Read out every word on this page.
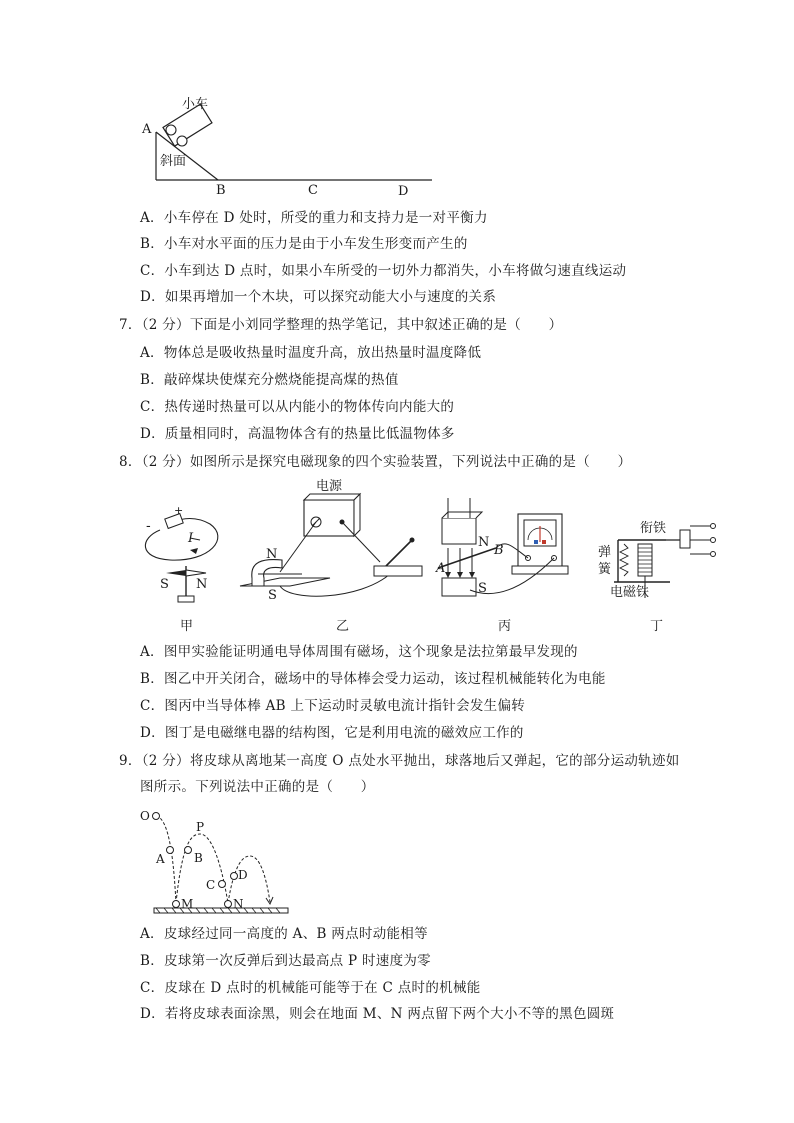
小车
A
斜面
B	C	D
A．小车停在 D 处时，所受的重力和支持力是一对平衡力
B．小车对水平面的压力是由于小车发生形变而产生的
C．小车到达 D 点时，如果小车所受的一切外力都消失，小车将做匀速直线运动
D．如果再增加一个木块，可以探究动能大小与速度的关系
7．（2 分）下面是小刘同学整理的热学笔记，其中叙述正确的是（　　）
A．物体总是吸收热量时温度升高，放出热量时温度降低
B．敲碎煤块使煤充分燃烧能提高煤的热值
C．热传递时热量可以从内能小的物体传向内能大的
D．质量相同时，高温物体含有的热量比低温物体多
8．（2 分）如图所示是探究电磁现象的四个实验装置，下列说法中正确的是（　　）
-
+
I
S N
甲
电源
N
S
乙
N
B
A
S
丙
衔铁
弹
簧
电磁铁
丁
A．图甲实验能证明通电导体周围有磁场，这个现象是法拉第最早发现的
B．图乙中开关闭合，磁场中的导体棒会受力运动，该过程机械能转化为电能
C．图丙中当导体棒 AB 上下运动时灵敏电流计指针会发生偏转
D．图丁是电磁继电器的结构图，它是利用电流的磁效应工作的
9．（2 分）将皮球从离地某一高度 O 点处水平抛出，球落地后又弹起，它的部分运动轨迹如
图所示。下列说法中正确的是（　　）
O
P
A B
C
D
M	N
A．皮球经过同一高度的 A、B 两点时动能相等
B．皮球第一次反弹后到达最高点 P 时速度为零
C．皮球在 D 点时的机械能可能等于在 C 点时的机械能
D．若将皮球表面涂黑，则会在地面 M、N 两点留下两个大小不等的黑色圆斑
